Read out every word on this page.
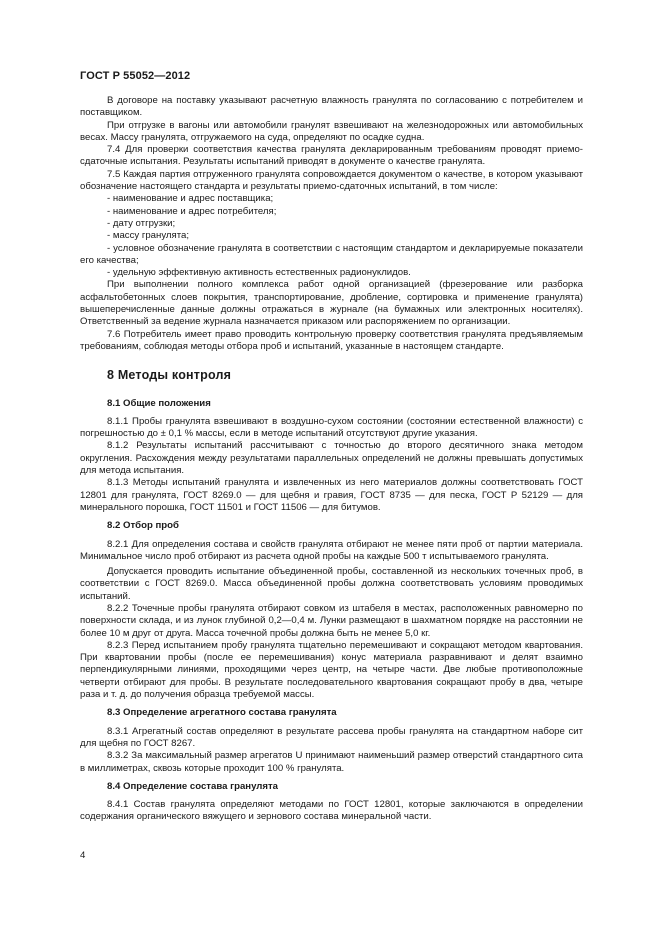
ГОСТ Р 55052—2012

В договоре на поставку указывают расчетную влажность гранулята по согласованию с потребителем и поставщиком.

При отгрузке в вагоны или автомобили гранулят взвешивают на железнодорожных или автомобильных весах. Массу гранулята, отгружаемого на суда, определяют по осадке судна.

7.4 Для проверки соответствия качества гранулята декларированным требованиям проводят приемо-сдаточные испытания. Результаты испытаний приводят в документе о качестве гранулята.

7.5 Каждая партия отгруженного гранулята сопровождается документом о качестве, в котором указывают обозначение настоящего стандарта и результаты приемо-сдаточных испытаний, в том числе:

- наименование и адрес поставщика;

- наименование и адрес потребителя;

- дату отгрузки;

- массу гранулята;

- условное обозначение гранулята в соответствии с настоящим стандартом и декларируемые показатели его качества;

- удельную эффективную активность естественных радионуклидов.

При выполнении полного комплекса работ одной организацией (фрезерование или разборка асфальтобетонных слоев покрытия, транспортирование, дробление, сортировка и применение гранулята) вышеперечисленные данные должны отражаться в журнале (на бумажных или электронных носителях). Ответственный за ведение журнала назначается приказом или распоряжением по организации.

7.6 Потребитель имеет право проводить контрольную проверку соответствия гранулята предъявляемым требованиям, соблюдая методы отбора проб и испытаний, указанные в настоящем стандарте.

8 Методы контроля

8.1 Общие положения

8.1.1 Пробы гранулята взвешивают в воздушно-сухом состоянии (состоянии естественной влажности) с погрешностью до ± 0,1 % массы, если в методе испытаний отсутствуют другие указания.

8.1.2 Результаты испытаний рассчитывают с точностью до второго десятичного знака методом округления. Расхождения между результатами параллельных определений не должны превышать допустимых для метода испытания.

8.1.3 Методы испытаний гранулята и извлеченных из него материалов должны соответствовать ГОСТ 12801 для гранулята, ГОСТ 8269.0 — для щебня и гравия, ГОСТ 8735 — для песка, ГОСТ Р 52129 — для минерального порошка, ГОСТ 11501 и ГОСТ 11506 — для битумов.

8.2 Отбор проб

8.2.1 Для определения состава и свойств гранулята отбирают не менее пяти проб от партии материала. Минимальное число проб отбирают из расчета одной пробы на каждые 500 т испытываемого гранулята.

Допускается проводить испытание объединенной пробы, составленной из нескольких точечных проб, в соответствии с ГОСТ 8269.0. Масса объединенной пробы должна соответствовать условиям проводимых испытаний.

8.2.2 Точечные пробы гранулята отбирают совком из штабеля в местах, расположенных равномерно по поверхности склада, и из лунок глубиной 0,2—0,4 м. Лунки размещают в шахматном порядке на расстоянии не более 10 м друг от друга. Масса точечной пробы должна быть не менее 5,0 кг.

8.2.3 Перед испытанием пробу гранулята тщательно перемешивают и сокращают методом квартования. При квартовании пробы (после ее перемешивания) конус материала разравнивают и делят взаимно перпендикулярными линиями, проходящими через центр, на четыре части. Две любые противоположные четверти отбирают для пробы. В результате последовательного квартования сокращают пробу в два, четыре раза и т. д. до получения образца требуемой массы.

8.3 Определение агрегатного состава гранулята

8.3.1 Агрегатный состав определяют в результате рассева пробы гранулята на стандартном наборе сит для щебня по ГОСТ 8267.

8.3.2 За максимальный размер агрегатов U принимают наименьший размер отверстий стандартного сита в миллиметрах, сквозь которые проходит 100 % гранулята.

8.4 Определение состава гранулята

8.4.1 Состав гранулята определяют методами по ГОСТ 12801, которые заключаются в определении содержания органического вяжущего и зернового состава минеральной части.

4
